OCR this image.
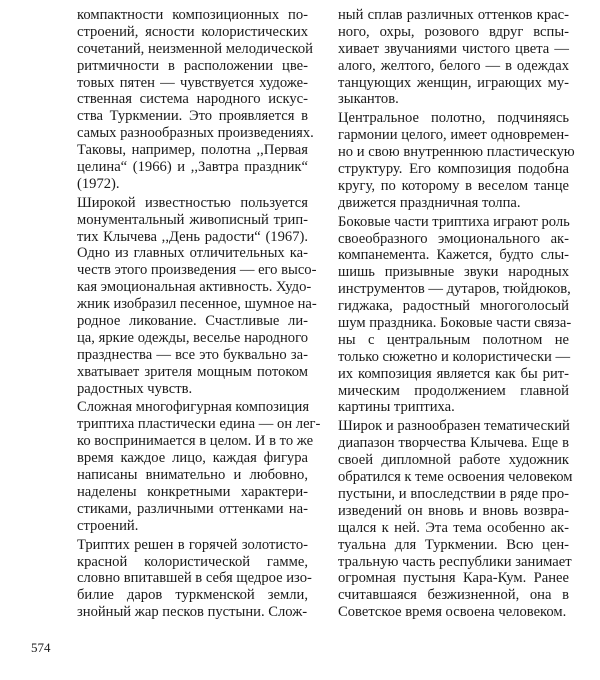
компактности композиционных по-
строений, ясности колористических
сочетаний, неизменной мелодической
ритмичности в расположении цве-
товых пятен — чувствуется художе-
ственная система народного искус-
ства Туркмении. Это проявляется в
самых разнообразных произведениях.
Таковы, например, полотна ,,Первая
целина“ (1966) и ,,Завтра праздник“
(1972).
Широкой известностью пользуется
монументальный живописный трип-
тих Клычева ,,День радости“ (1967).
Одно из главных отличительных ка-
честв этого произведения — его высо-
кая эмоциональная активность. Худо-
жник изобразил песенное, шумное на-
родное ликование. Счастливые ли-
ца, яркие одежды, веселье народного
празднества — все это буквально за-
хватывает зрителя мощным потоком
радостных чувств.
Сложная многофигурная композиция
триптиха пластически едина — он лег-
ко воспринимается в целом. И в то же
время каждое лицо, каждая фигура
написаны внимательно и любовно,
наделены конкретными характери-
стиками, различными оттенками на-
строений.
Триптих решен в горячей золотисто-
красной колористической гамме,
словно впитавшей в себя щедрое изо-
билие даров туркменской земли,
знойный жар песков пустыни. Слож-
ный сплав различных оттенков крас-
ного, охры, розового вдруг вспы-
хивает звучаниями чистого цвета —
алого, желтого, белого — в одеждах
танцующих женщин, играющих му-
зыкантов.
Центральное полотно, подчиняясь
гармонии целого, имеет одновремен-
но и свою внутреннюю пластическую
структуру. Его композиция подобна
кругу, по которому в веселом танце
движется праздничная толпа.
Боковые части триптиха играют роль
своеобразного эмоционального ак-
компанемента. Кажется, будто слы-
шишь призывные звуки народных
инструментов — дутаров, тюйдюков,
гиджака, радостный многоголосый
шум праздника. Боковые части связа-
ны с центральным полотном не
только сюжетно и колористически —
их композиция является как бы рит-
мическим продолжением главной
картины триптиха.
Широк и разнообразен тематический
диапазон творчества Клычева. Еще в
своей дипломной работе художник
обратился к теме освоения человеком
пустыни, и впоследствии в ряде про-
изведений он вновь и вновь возвра-
щался к ней. Эта тема особенно ак-
туальна для Туркмении. Всю цен-
тральную часть республики занимает
огромная пустыня Кара-Кум. Ранее
считавшаяся безжизненной, она в
Советское время освоена человеком.
574
